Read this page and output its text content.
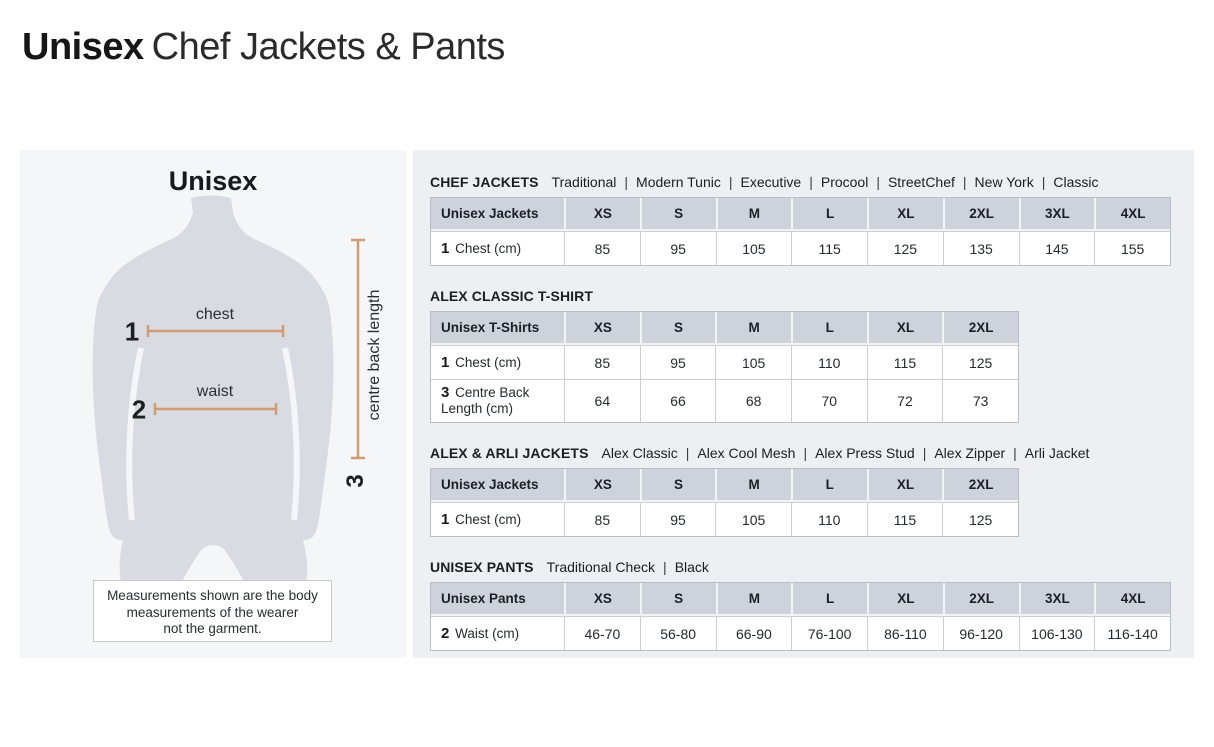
Unisex Chef Jackets & Pants
Unisex
1
chest
2
waist	centre back length
3
Measurements shown are the body
measurements of the wearer
not the garment.
CHEF JACKETS Traditional | Modern Tunic | Executive | Procool | StreetChef | New York | Classic
Unisex Jackets	XS	S	M	L	XL	2XL	3XL	4XL
1 Chest (cm)	85	95	105	115	125	135	145	155
ALEX CLASSIC T-SHIRT
Unisex T-Shirts	XS	S	M	L	XL	2XL
1 Chest (cm)	85	95	105	110	115	125
3 Centre Back Length (cm)	64	66	68	70	72	73
ALEX & ARLI JACKETS Alex Classic | Alex Cool Mesh | Alex Press Stud | Alex Zipper | Arli Jacket
Unisex Jackets	XS	S	M	L	XL	2XL
1 Chest (cm)	85	95	105	110	115	125
UNISEX PANTS Traditional Check | Black
Unisex Pants	XS	S	M	L	XL	2XL	3XL	4XL
2 Waist (cm)	46-70	56-80	66-90	76-100	86-110	96-120	106-130	116-140
